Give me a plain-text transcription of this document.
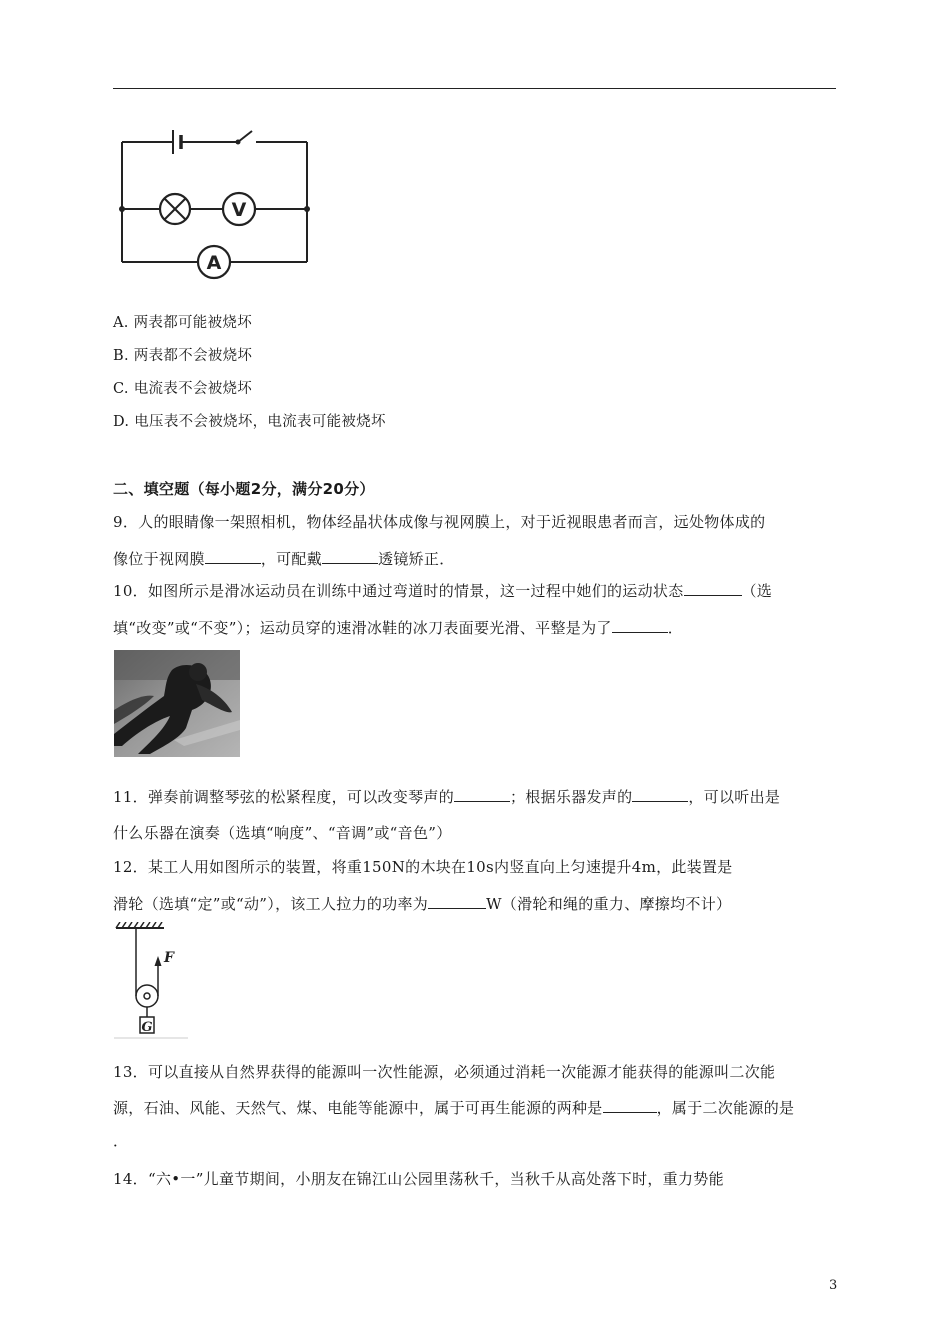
V
A
A. 两表都可能被烧坏
B. 两表都不会被烧坏
C. 电流表不会被烧坏
D. 电压表不会被烧坏，电流表可能被烧坏
二、填空题（每小题2分，满分20分）
9．人的眼睛像一架照相机，物体经晶状体成像与视网膜上，对于近视眼患者而言，远处物体成的
像位于视网膜	，可配戴	透镜矫正．
10．如图所示是滑冰运动员在训练中通过弯道时的情景，这一过程中她们的运动状态	（选
填“改变”或“不变”）；运动员穿的速滑冰鞋的冰刀表面要光滑、平整是为了	．
11．弹奏前调整琴弦的松紧程度，可以改变琴声的	；根据乐器发声的	，可以听出是
什么乐器在演奏（选填“响度”、“音调”或“音色”）
12．某工人用如图所示的装置，将重150N的木块在10s内竖直向上匀速提升4m，此装置是
滑轮（选填“定”或“动”），该工人拉力的功率为	W（滑轮和绳的重力、摩擦均不计）
F
G
13．可以直接从自然界获得的能源叫一次性能源，必须通过消耗一次能源才能获得的能源叫二次能
源，石油、风能、天然气、煤、电能等能源中，属于可再生能源的两种是	，属于二次能源的是
．
14．“六•一”儿童节期间，小朋友在锦江山公园里荡秋千，当秋千从高处落下时，重力势能
3
